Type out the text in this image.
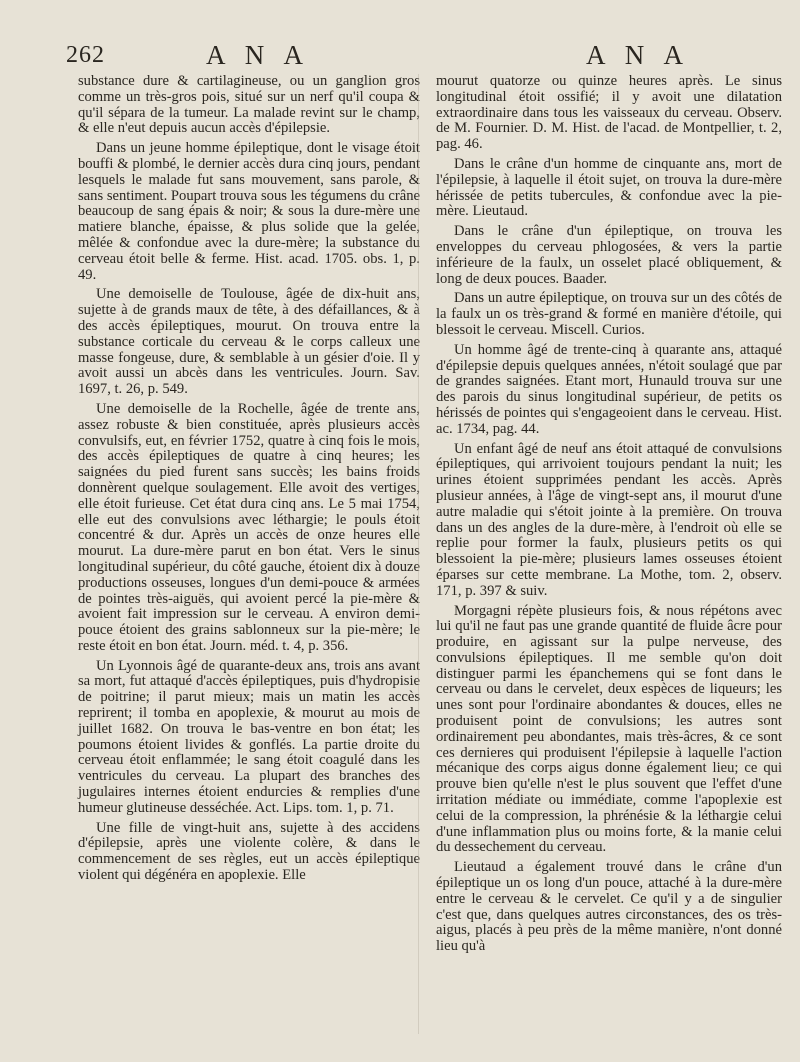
262	A N A	A N A

substance dure & cartilagineuse, ou un ganglion gros comme un très-gros pois, situé sur un nerf qu'il coupa & qu'il sépara de la tumeur. La malade revint sur le champ, & elle n'eut depuis aucun accès d'épilepsie.

Dans un jeune homme épileptique, dont le visage étoit bouffi & plombé, le dernier accès dura cinq jours, pendant lesquels le malade fut sans mouvement, sans parole, & sans sentiment. Poupart trouva sous les tégumens du crâne beaucoup de sang épais & noir; & sous la dure-mère une matiere blanche, épaisse, & plus solide que la gelée, mêlée & confondue avec la dure-mère; la substance du cerveau étoit belle & ferme. Hist. acad. 1705. obs. 1, p. 49.

Une demoiselle de Toulouse, âgée de dix-huit ans, sujette à de grands maux de tête, à des défaillances, & à des accès épileptiques, mourut. On trouva entre la substance corticale du cerveau & le corps calleux une masse fongeuse, dure, & semblable à un gésier d'oie. Il y avoit aussi un abcès dans les ventricules. Journ. Sav. 1697, t. 26, p. 549.

Une demoiselle de la Rochelle, âgée de trente ans, assez robuste & bien constituée, après plusieurs accès convulsifs, eut, en février 1752, quatre à cinq fois le mois, des accès épileptiques de quatre à cinq heures; les saignées du pied furent sans succès; les bains froids donnèrent quelque soulagement. Elle avoit des vertiges, elle étoit furieuse. Cet état dura cinq ans. Le 5 mai 1754, elle eut des convulsions avec léthargie; le pouls étoit concentré & dur. Après un accès de onze heures elle mourut. La dure-mère parut en bon état. Vers le sinus longitudinal supérieur, du côté gauche, étoient dix à douze productions osseuses, longues d'un demi-pouce & armées de pointes très-aiguës, qui avoient percé la pie-mère & avoient fait impression sur le cerveau. A environ demi-pouce étoient des grains sablonneux sur la pie-mère; le reste étoit en bon état. Journ. méd. t. 4, p. 356.

Un Lyonnois âgé de quarante-deux ans, trois ans avant sa mort, fut attaqué d'accès épileptiques, puis d'hydropisie de poitrine; il parut mieux; mais un matin les accès reprirent; il tomba en apoplexie, & mourut au mois de juillet 1682. On trouva le bas-ventre en bon état; les poumons étoient livides & gonflés. La partie droite du cerveau étoit enflammée; le sang étoit coagulé dans les ventricules du cerveau. La plupart des branches des jugulaires internes étoient endurcies & remplies d'une humeur glutineuse desséchée. Act. Lips. tom. 1, p. 71.

Une fille de vingt-huit ans, sujette à des accidens d'épilepsie, après une violente colère, & dans le commencement de ses règles, eut un accès épileptique violent qui dégénéra en apoplexie. Elle

mourut quatorze ou quinze heures après. Le sinus longitudinal étoit ossifié; il y avoit une dilatation extraordinaire dans tous les vaisseaux du cerveau. Observ. de M. Fournier. D. M. Hist. de l'acad. de Montpellier, t. 2, pag. 46.

Dans le crâne d'un homme de cinquante ans, mort de l'épilepsie, à laquelle il étoit sujet, on trouva la dure-mère hérissée de petits tubercules, & confondue avec la pie-mère. Lieutaud.

Dans le crâne d'un épileptique, on trouva les enveloppes du cerveau phlogosées, & vers la partie inférieure de la faulx, un osselet placé obliquement, & long de deux pouces. Baader.

Dans un autre épileptique, on trouva sur un des côtés de la faulx un os très-grand & formé en manière d'étoile, qui blessoit le cerveau. Miscell. Curios.

Un homme âgé de trente-cinq à quarante ans, attaqué d'épilepsie depuis quelques années, n'étoit soulagé que par de grandes saignées. Etant mort, Hunauld trouva sur une des parois du sinus longitudinal supérieur, de petits os hérissés de pointes qui s'engageoient dans le cerveau. Hist. ac. 1734, pag. 44.

Un enfant âgé de neuf ans étoit attaqué de convulsions épileptiques, qui arrivoient toujours pendant la nuit; les urines étoient supprimées pendant les accès. Après plusieur années, à l'âge de vingt-sept ans, il mourut d'une autre maladie qui s'étoit jointe à la première. On trouva dans un des angles de la dure-mère, à l'endroit où elle se replie pour former la faulx, plusieurs petits os qui blessoient la pie-mère; plusieurs lames osseuses étoient éparses sur cette membrane. La Mothe, tom. 2, observ. 171, p. 397 & suiv.

Morgagni répète plusieurs fois, & nous répétons avec lui qu'il ne faut pas une grande quantité de fluide âcre pour produire, en agissant sur la pulpe nerveuse, des convulsions épileptiques. Il me semble qu'on doit distinguer parmi les épanchemens qui se font dans le cerveau ou dans le cervelet, deux espèces de liqueurs; les unes sont pour l'ordinaire abondantes & douces, elles ne produisent point de convulsions; les autres sont ordinairement peu abondantes, mais très-âcres, & ce sont ces dernieres qui produisent l'épilepsie à laquelle l'action mécanique des corps aigus donne également lieu; ce qui prouve bien qu'elle n'est le plus souvent que l'effet d'une irritation médiate ou immédiate, comme l'apoplexie est celui de la compression, la phrénésie & la léthargie celui d'une inflammation plus ou moins forte, & la manie celui du dessechement du cerveau.

Lieutaud a également trouvé dans le crâne d'un épileptique un os long d'un pouce, attaché à la dure-mère entre le cerveau & le cervelet. Ce qu'il y a de singulier c'est que, dans quelques autres circonstances, des os très-aigus, placés à peu près de la même manière, n'ont donné lieu qu'à
